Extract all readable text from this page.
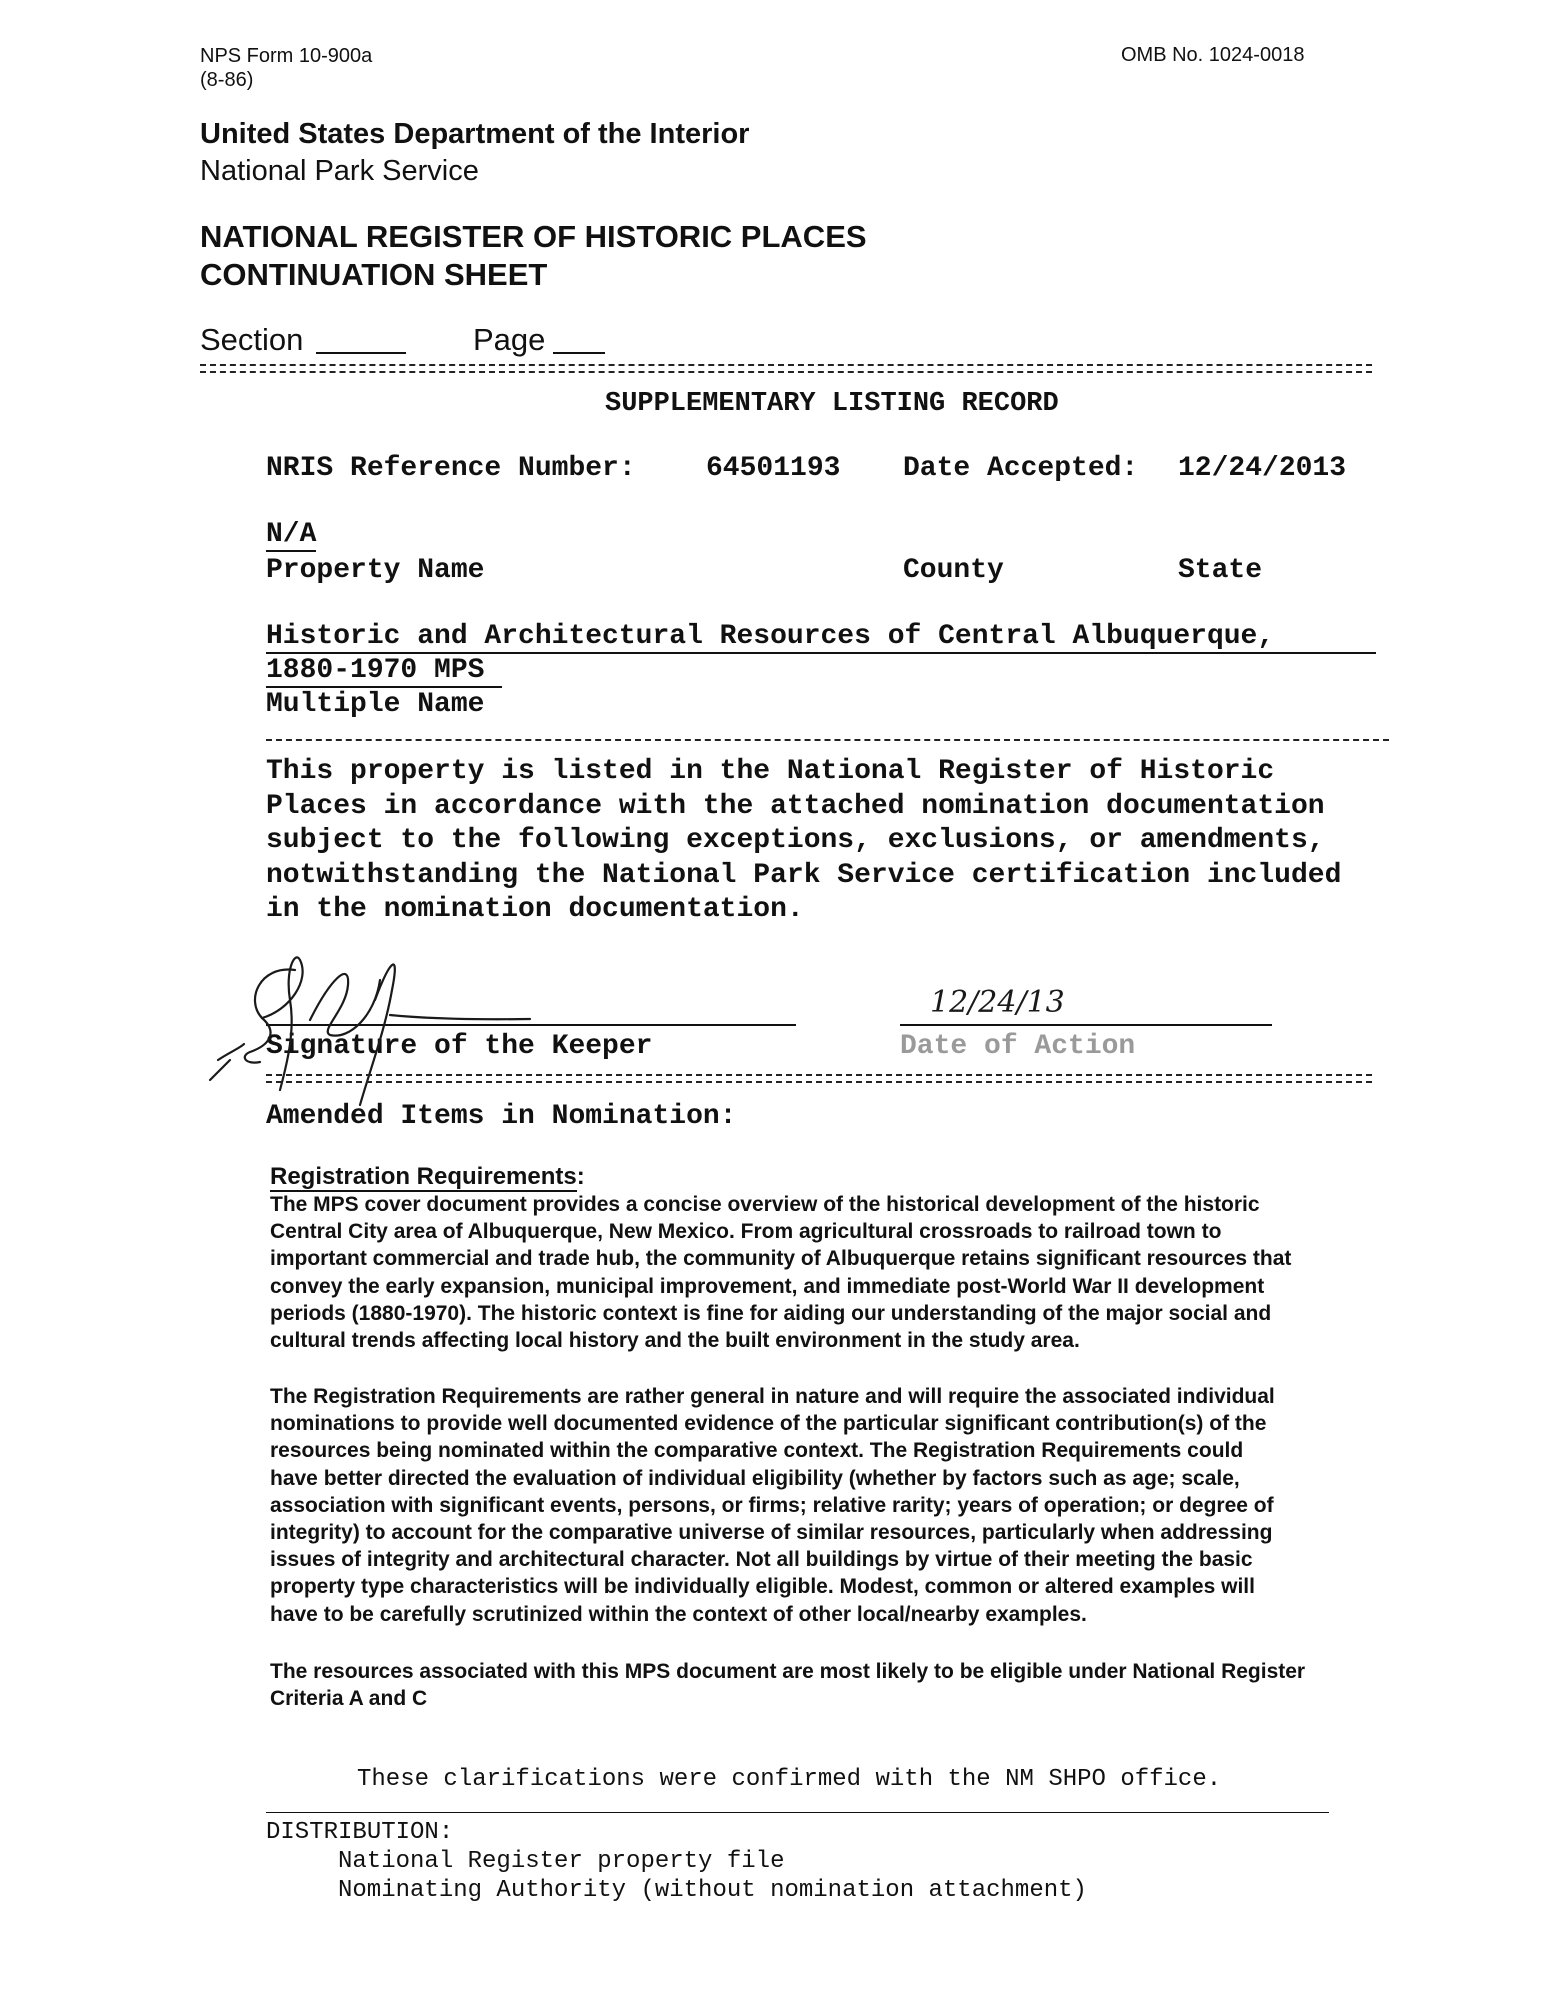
NPS Form 10-900a
(8-86)
OMB No. 1024-0018
United States Department of the Interior
National Park Service
NATIONAL REGISTER OF HISTORIC PLACES
CONTINUATION SHEET
Section	Page
SUPPLEMENTARY LISTING RECORD
NRIS Reference Number:	64501193 Date Accepted: 12/24/2013
N/A
Property Name	County	State
Historic and Architectural Resources of Central Albuquerque,
1880-1970 MPS
Multiple Name
This property is listed in the National Register of Historic
Places in accordance with the attached nomination documentation
subject to the following exceptions, exclusions, or amendments,
notwithstanding the National Park Service certification included
in the nomination documentation.
Signature of the Keeper	Date of Action
12/24/13
Amended Items in Nomination:
Registration Requirements:
The MPS cover document provides a concise overview of the historical development of the historic
Central City area of Albuquerque, New Mexico. From agricultural crossroads to railroad town to
important commercial and trade hub, the community of Albuquerque retains significant resources that
convey the early expansion, municipal improvement, and immediate post-World War II development
periods (1880-1970). The historic context is fine for aiding our understanding of the major social and
cultural trends affecting local history and the built environment in the study area.
The Registration Requirements are rather general in nature and will require the associated individual
nominations to provide well documented evidence of the particular significant contribution(s) of the
resources being nominated within the comparative context. The Registration Requirements could
have better directed the evaluation of individual eligibility (whether by factors such as age; scale,
association with significant events, persons, or firms; relative rarity; years of operation; or degree of
integrity) to account for the comparative universe of similar resources, particularly when addressing
issues of integrity and architectural character. Not all buildings by virtue of their meeting the basic
property type characteristics will be individually eligible. Modest, common or altered examples will
have to be carefully scrutinized within the context of other local/nearby examples.
The resources associated with this MPS document are most likely to be eligible under National Register
Criteria A and C
These clarifications were confirmed with the NM SHPO office.
DISTRIBUTION:
National Register property file
Nominating Authority (without nomination attachment)
